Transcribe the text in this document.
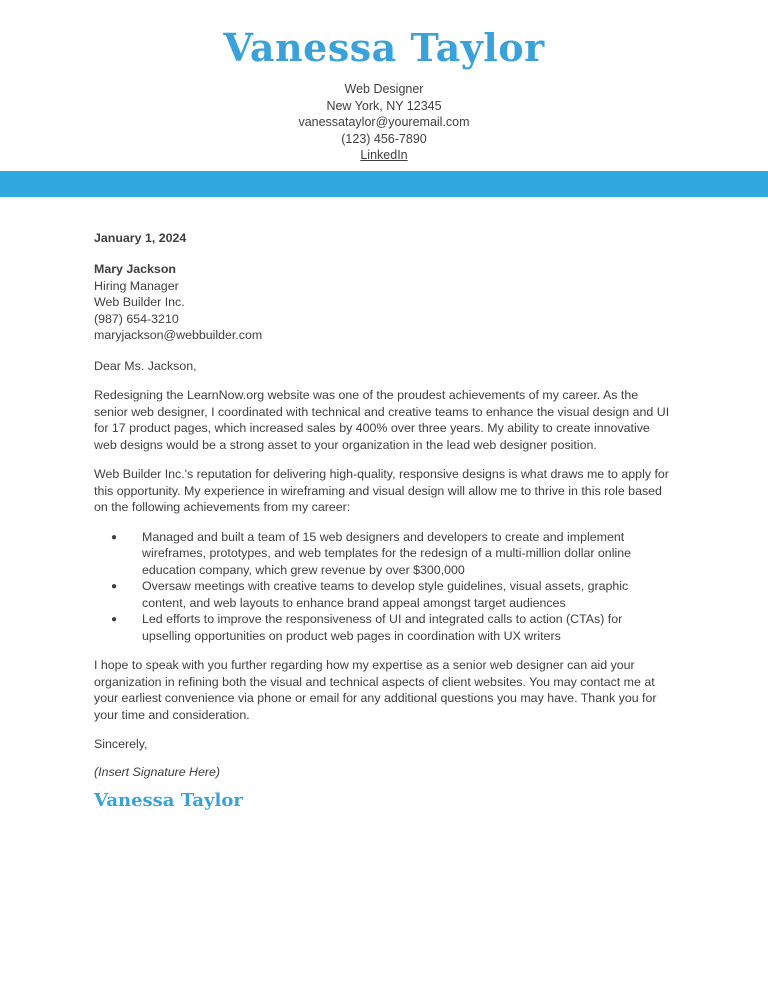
Vanessa Taylor
Web Designer
New York, NY 12345
vanessataylor@youremail.com
(123) 456-7890
LinkedIn
January 1, 2024
Mary Jackson
Hiring Manager
Web Builder Inc.
(987) 654-3210
maryjackson@webbuilder.com
Dear Ms. Jackson,

Redesigning the LearnNow.org website was one of the proudest achievements of my career. As the senior web designer, I coordinated with technical and creative teams to enhance the visual design and UI for 17 product pages, which increased sales by 400% over three years. My ability to create innovative web designs would be a strong asset to your organization in the lead web designer position.

Web Builder Inc.'s reputation for delivering high-quality, responsive designs is what draws me to apply for this opportunity. My experience in wireframing and visual design will allow me to thrive in this role based on the following achievements from my career:

● Managed and built a team of 15 web designers and developers to create and implement wireframes, prototypes, and web templates for the redesign of a multi-million dollar online education company, which grew revenue by over $300,000
● Oversaw meetings with creative teams to develop style guidelines, visual assets, graphic content, and web layouts to enhance brand appeal amongst target audiences
● Led efforts to improve the responsiveness of UI and integrated calls to action (CTAs) for upselling opportunities on product web pages in coordination with UX writers

I hope to speak with you further regarding how my expertise as a senior web designer can aid your organization in refining both the visual and technical aspects of client websites. You may contact me at your earliest convenience via phone or email for any additional questions you may have. Thank you for your time and consideration.

Sincerely,
(Insert Signature Here)
Vanessa Taylor
